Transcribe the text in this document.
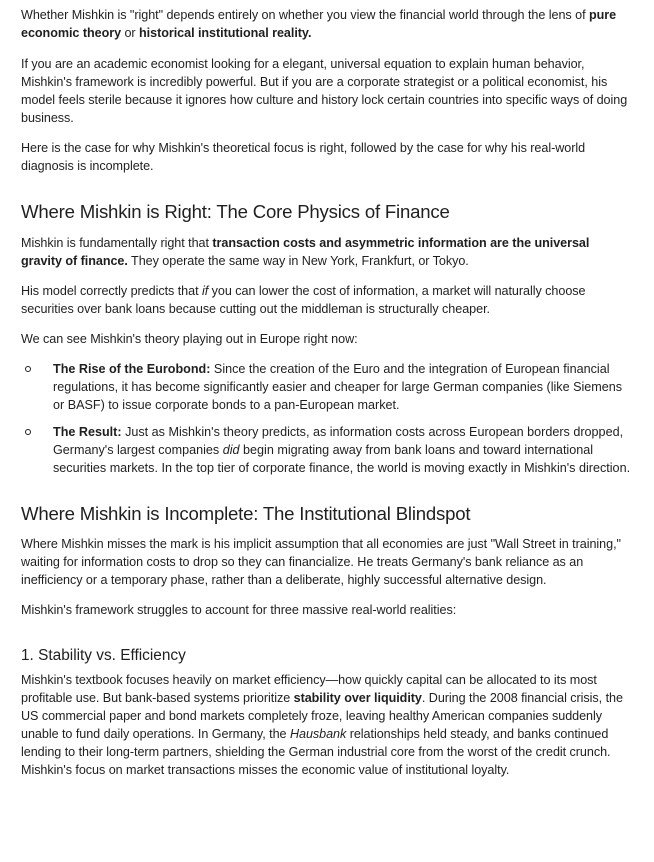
Whether Mishkin is "right" depends entirely on whether you view the financial world through the lens of pure economic theory or historical institutional reality.

If you are an academic economist looking for a elegant, universal equation to explain human behavior, Mishkin's framework is incredibly powerful. But if you are a corporate strategist or a political economist, his model feels sterile because it ignores how culture and history lock certain countries into specific ways of doing business.

Here is the case for why Mishkin's theoretical focus is right, followed by the case for why his real-world diagnosis is incomplete.

Where Mishkin is Right: The Core Physics of Finance

Mishkin is fundamentally right that transaction costs and asymmetric information are the universal gravity of finance. They operate the same way in New York, Frankfurt, or Tokyo.

His model correctly predicts that if you can lower the cost of information, a market will naturally choose securities over bank loans because cutting out the middleman is structurally cheaper.

We can see Mishkin's theory playing out in Europe right now:

The Rise of the Eurobond: Since the creation of the Euro and the integration of European financial regulations, it has become significantly easier and cheaper for large German companies (like Siemens or BASF) to issue corporate bonds to a pan-European market.
The Result: Just as Mishkin's theory predicts, as information costs across European borders dropped, Germany's largest companies did begin migrating away from bank loans and toward international securities markets. In the top tier of corporate finance, the world is moving exactly in Mishkin's direction.
Where Mishkin is Incomplete: The Institutional Blindspot

Where Mishkin misses the mark is his implicit assumption that all economies are just "Wall Street in training," waiting for information costs to drop so they can financialize. He treats Germany's bank reliance as an inefficiency or a temporary phase, rather than a deliberate, highly successful alternative design.

Mishkin's framework struggles to account for three massive real-world realities:

1. Stability vs. Efficiency

Mishkin's textbook focuses heavily on market efficiency—how quickly capital can be allocated to its most profitable use. But bank-based systems prioritize stability over liquidity. During the 2008 financial crisis, the US commercial paper and bond markets completely froze, leaving healthy American companies suddenly unable to fund daily operations. In Germany, the Hausbank relationships held steady, and banks continued lending to their long-term partners, shielding the German industrial core from the worst of the credit crunch. Mishkin's focus on market transactions misses the economic value of institutional loyalty.
